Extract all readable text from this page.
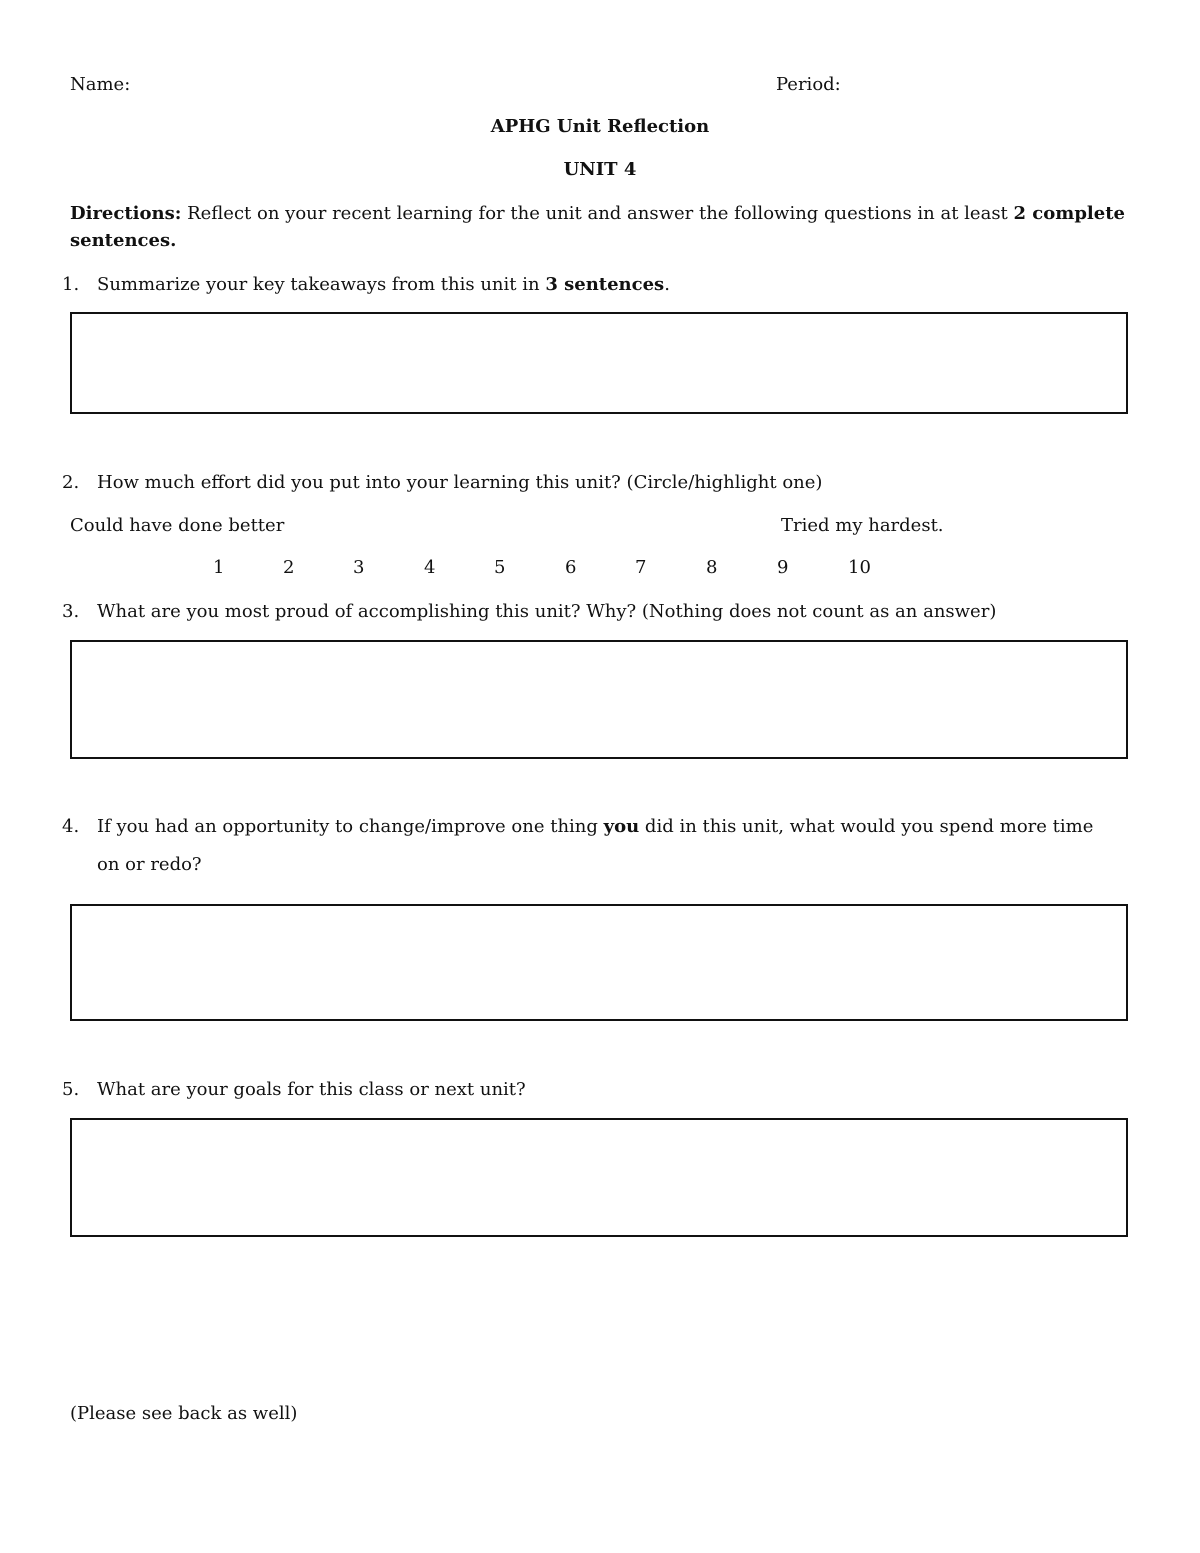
Name:	Period:
APHG Unit Reflection
UNIT 4
Directions: Reflect on your recent learning for the unit and answer the following questions in at least 2 complete
sentences.
1. Summarize your key takeaways from this unit in 3 sentences.
2. How much effort did you put into your learning this unit? (Circle/highlight one)
Could have done better	Tried my hardest.
1	2	3	4	5	6	7	8	9	10
3. What are you most proud of accomplishing this unit? Why? (Nothing does not count as an answer)
4. If you had an opportunity to change/improve one thing you did in this unit, what would you spend more time
on or redo?
5. What are your goals for this class or next unit?
(Please see back as well)
